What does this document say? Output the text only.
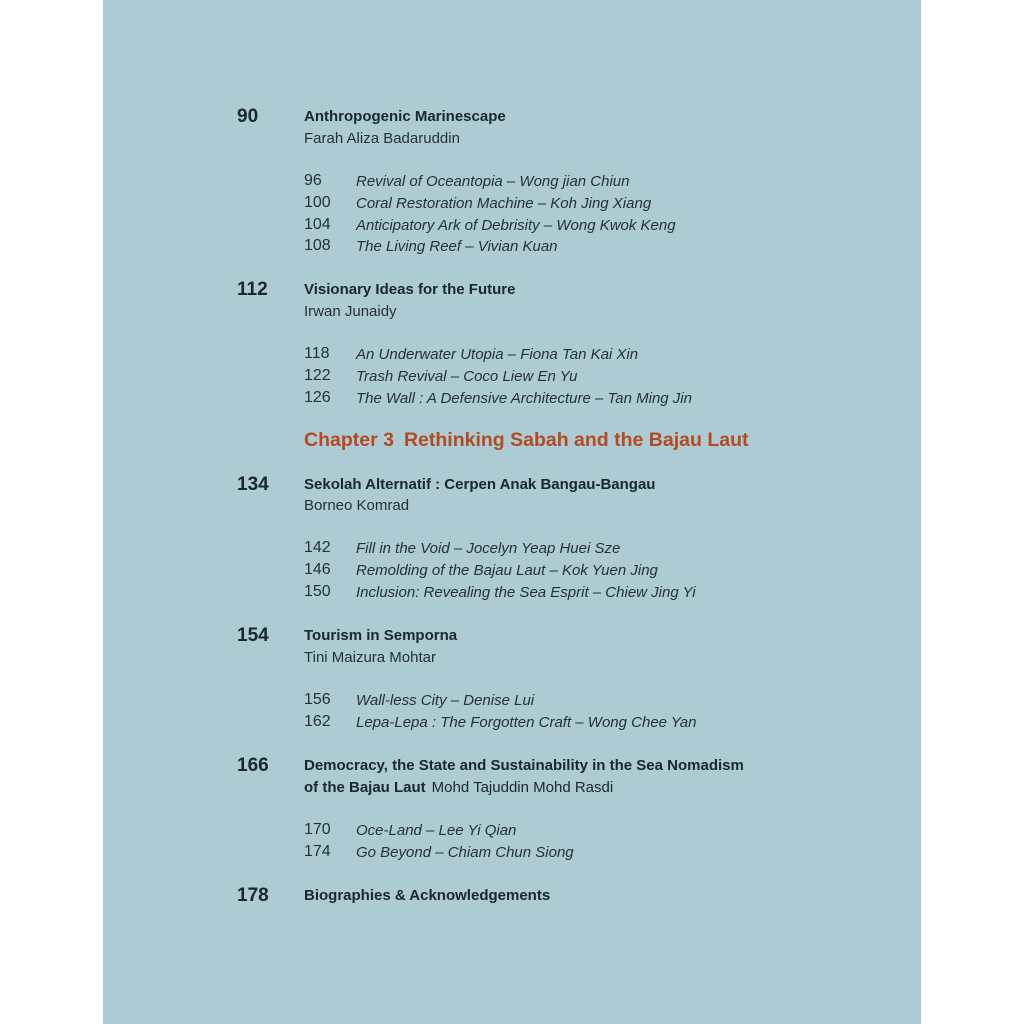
90	Anthropogenic Marinescape
Farah Aliza Badaruddin
96 Revival of Oceantopia – Wong jian Chiun
100 Coral Restoration Machine – Koh Jing Xiang
104 Anticipatory Ark of Debrisity – Wong Kwok Keng
108 The Living Reef – Vivian Kuan
112 Visionary Ideas for the Future
Irwan Junaidy
118 An Underwater Utopia – Fiona Tan Kai Xin
122 Trash Revival – Coco Liew En Yu
126 The Wall : A Defensive Architecture – Tan Ming Jin
Chapter 3 Rethinking Sabah and the Bajau Laut
134 Sekolah Alternatif : Cerpen Anak Bangau-Bangau
Borneo Komrad
142 Fill in the Void – Jocelyn Yeap Huei Sze
146 Remolding of the Bajau Laut – Kok Yuen Jing
150 Inclusion: Revealing the Sea Esprit – Chiew Jing Yi
154 Tourism in Semporna
Tini Maizura Mohtar
156 Wall-less City – Denise Lui
162 Lepa-Lepa : The Forgotten Craft – Wong Chee Yan
166 Democracy, the State and Sustainability in the Sea Nomadism
of the Bajau Laut Mohd Tajuddin Mohd Rasdi
170 Oce-Land – Lee Yi Qian
174 Go Beyond – Chiam Chun Siong
178 Biographies & Acknowledgements
